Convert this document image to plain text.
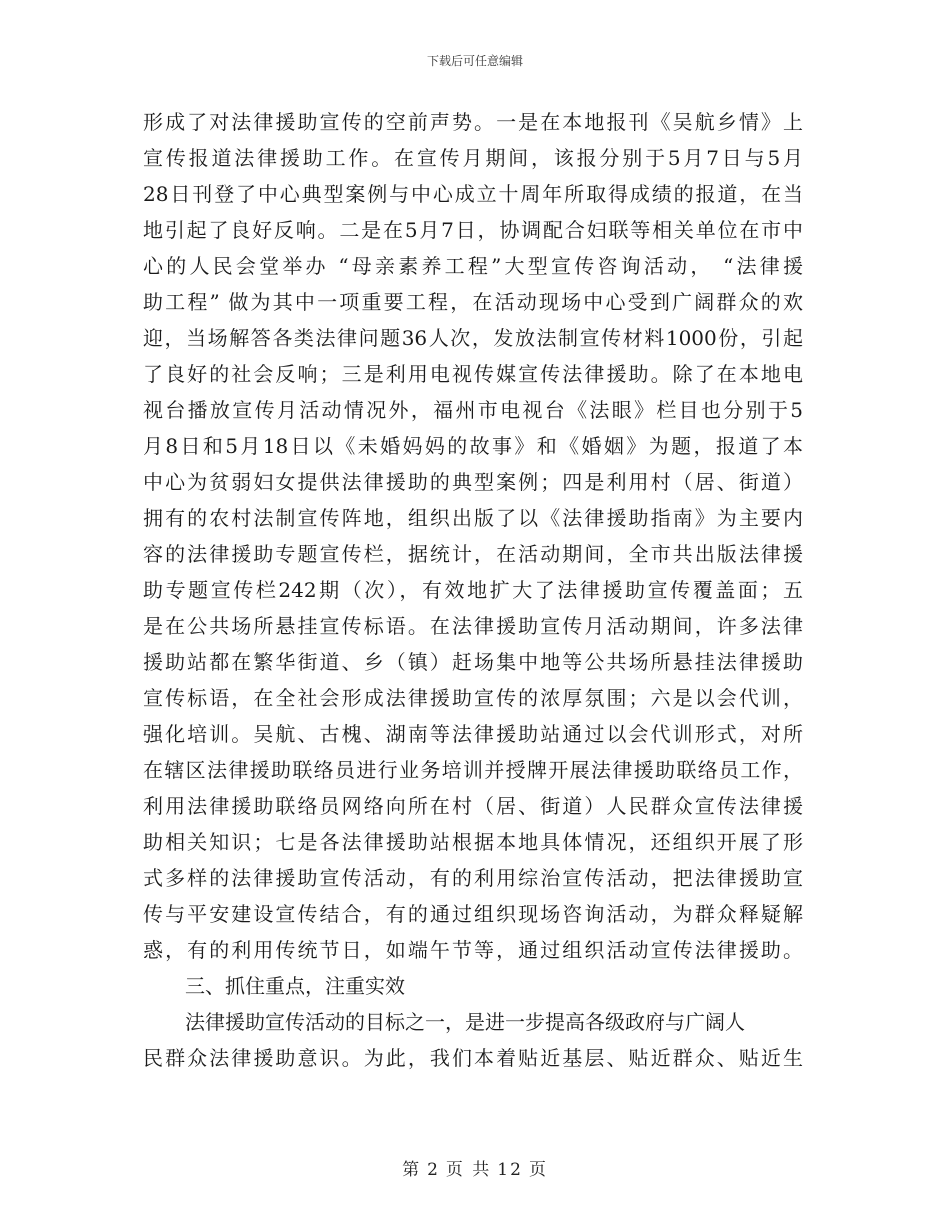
下载后可任意编辑
形成了对法律援助宣传的空前声势。一是在本地报刊《吴航乡情》上
宣传报道法律援助工作。在宣传月期间，该报分别于5月7日与5月
28日刊登了中心典型案例与中心成立十周年所取得成绩的报道，在当
地引起了良好反响。二是在5月7日，协调配合妇联等相关单位在市中
心的人民会堂举办 “母亲素养工程”大型宣传咨询活动， “法律援
助工程” 做为其中一项重要工程，在活动现场中心受到广阔群众的欢
迎，当场解答各类法律问题36人次，发放法制宣传材料1000份，引起
了良好的社会反响；三是利用电视传媒宣传法律援助。除了在本地电
视台播放宣传月活动情况外，福州市电视台《法眼》栏目也分别于5
月8日和5月18日以《未婚妈妈的故事》和《婚姻》为题，报道了本
中心为贫弱妇女提供法律援助的典型案例；四是利用村（居、街道）
拥有的农村法制宣传阵地，组织出版了以《法律援助指南》为主要内
容的法律援助专题宣传栏，据统计，在活动期间，全市共出版法律援
助专题宣传栏242期（次），有效地扩大了法律援助宣传覆盖面；五
是在公共场所悬挂宣传标语。在法律援助宣传月活动期间，许多法律
援助站都在繁华街道、乡（镇）赶场集中地等公共场所悬挂法律援助
宣传标语，在全社会形成法律援助宣传的浓厚氛围；六是以会代训，
强化培训。吴航、古槐、湖南等法律援助站通过以会代训形式，对所
在辖区法律援助联络员进行业务培训并授牌开展法律援助联络员工作，
利用法律援助联络员网络向所在村（居、街道）人民群众宣传法律援
助相关知识；七是各法律援助站根据本地具体情况，还组织开展了形
式多样的法律援助宣传活动，有的利用综治宣传活动，把法律援助宣
传与平安建设宣传结合，有的通过组织现场咨询活动，为群众释疑解
惑，有的利用传统节日，如端午节等，通过组织活动宣传法律援助。
三、抓住重点，注重实效
法律援助宣传活动的目标之一，是进一步提高各级政府与广阔人
民群众法律援助意识。为此，我们本着贴近基层、贴近群众、贴近生
第 2 页 共 12 页
